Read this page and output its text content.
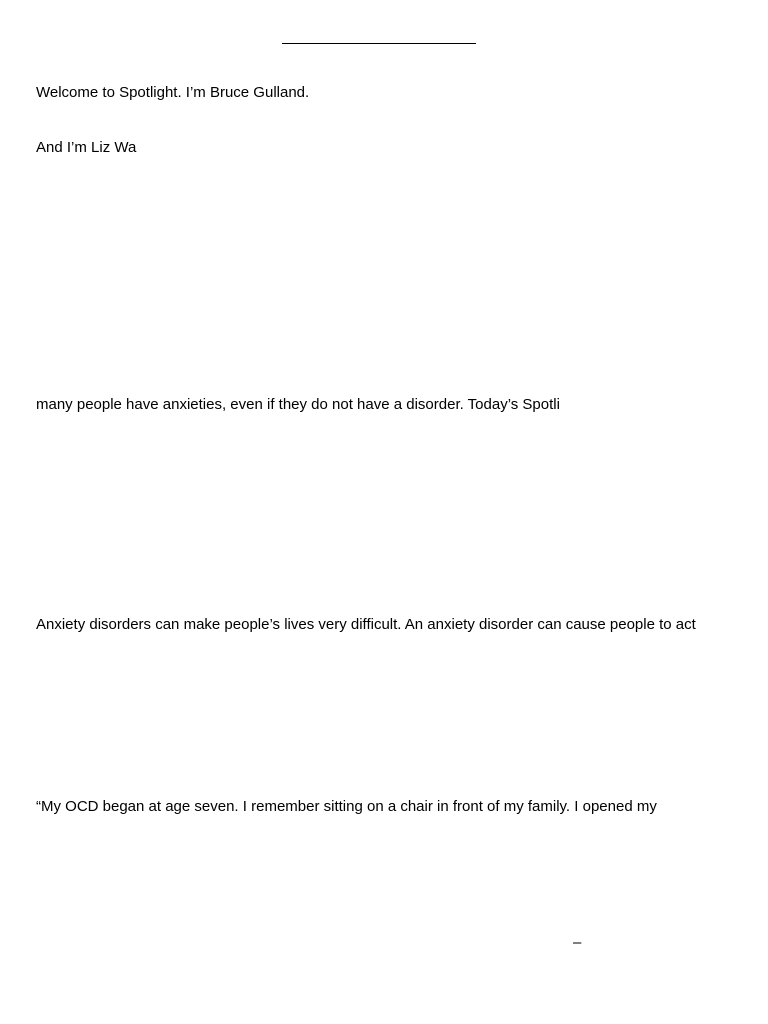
Welcome to Spotlight. I’m Bruce Gulland.
And I’m Liz Wa
many people have anxieties, even if they do not have a disorder. Today’s Spotli
Anxiety disorders can make people’s lives very difficult. An anxiety disorder can cause people to act
“My OCD began at age seven. I remember sitting on a chair in front of my family. I opened my
–
